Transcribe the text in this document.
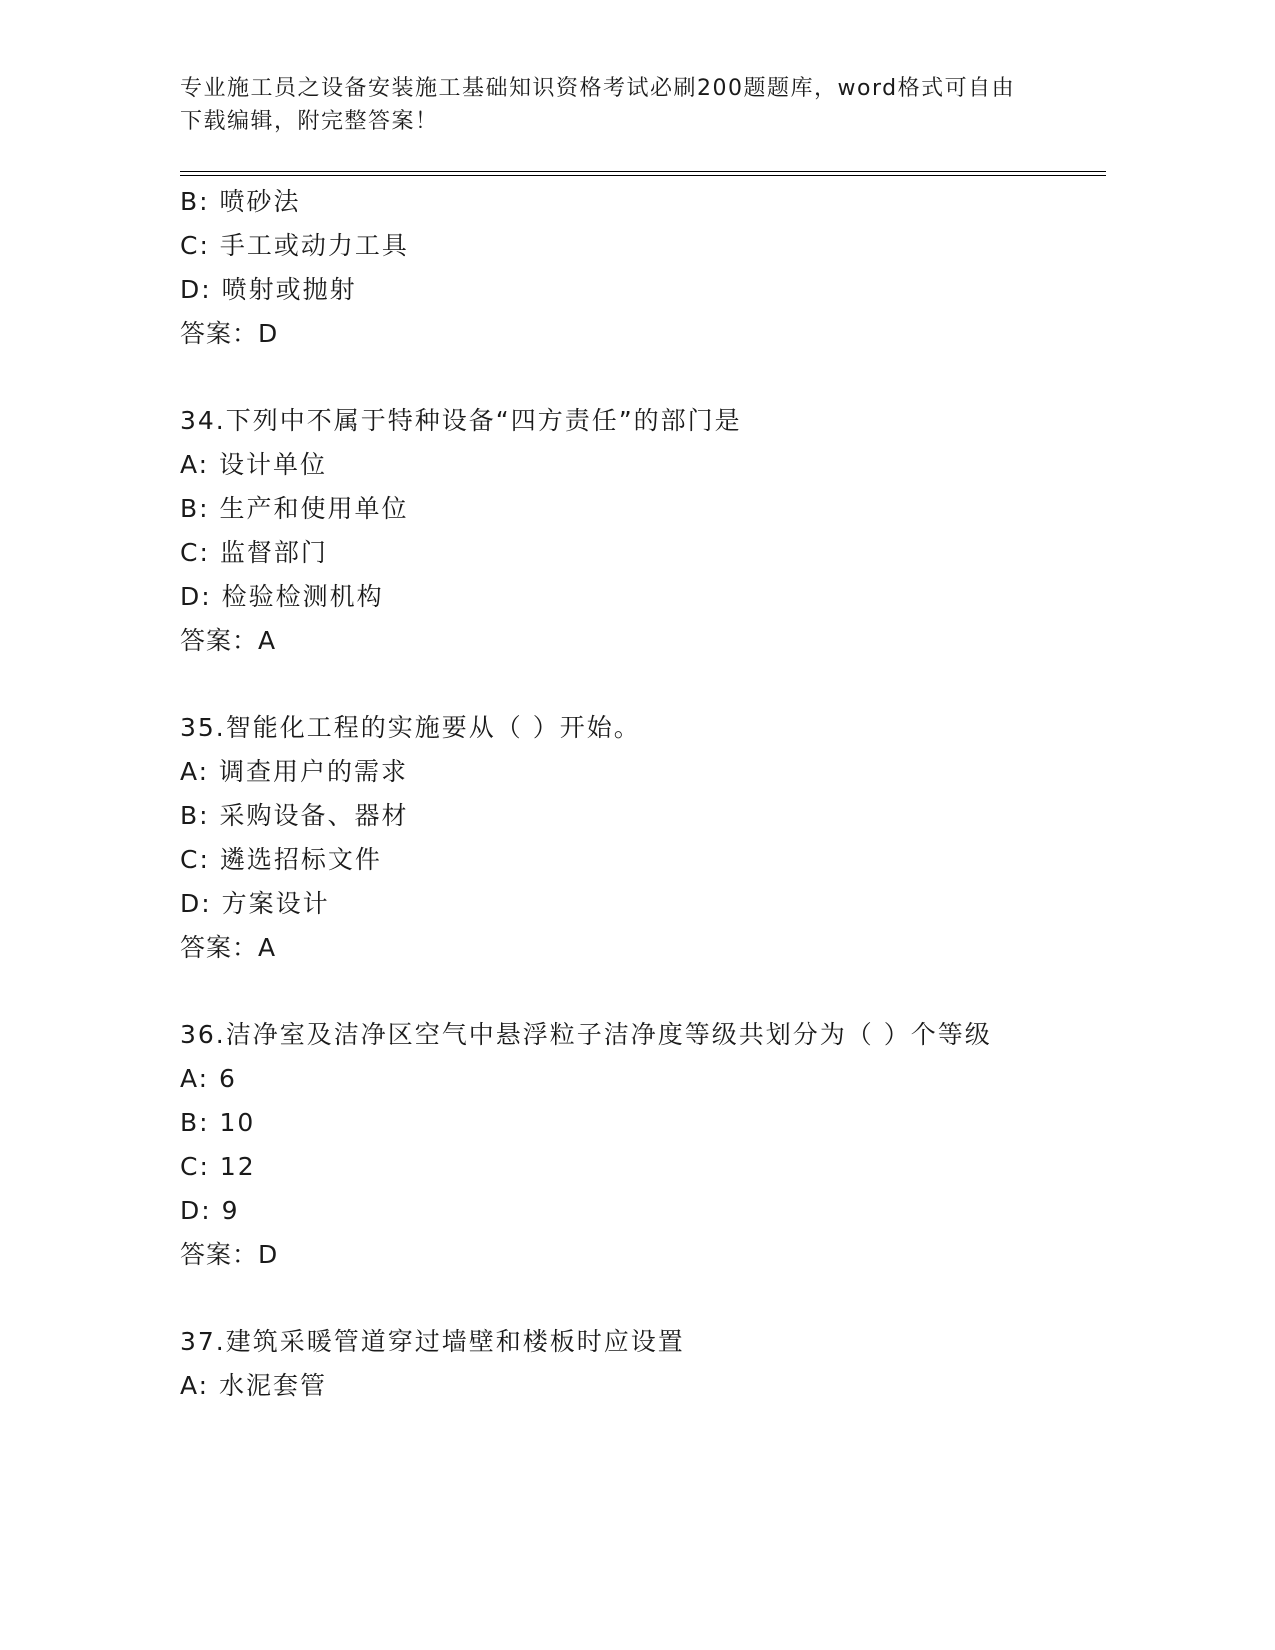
专业施工员之设备安装施工基础知识资格考试必刷200题题库，word格式可自由
下载编辑，附完整答案！
B: 喷砂法
C: 手工或动力工具
D: 喷射或抛射
答案：D
34.下列中不属于特种设备“四方责任”的部门是
A: 设计单位
B: 生产和使用单位
C: 监督部门
D: 检验检测机构
答案：A
35.智能化工程的实施要从（ ）开始。
A: 调查用户的需求
B: 采购设备、器材
C: 遴选招标文件
D: 方案设计
答案：A
36.洁净室及洁净区空气中悬浮粒子洁净度等级共划分为（ ）个等级
A: 6
B: 10
C: 12
D: 9
答案：D
37.建筑采暖管道穿过墙壁和楼板时应设置
A: 水泥套管
